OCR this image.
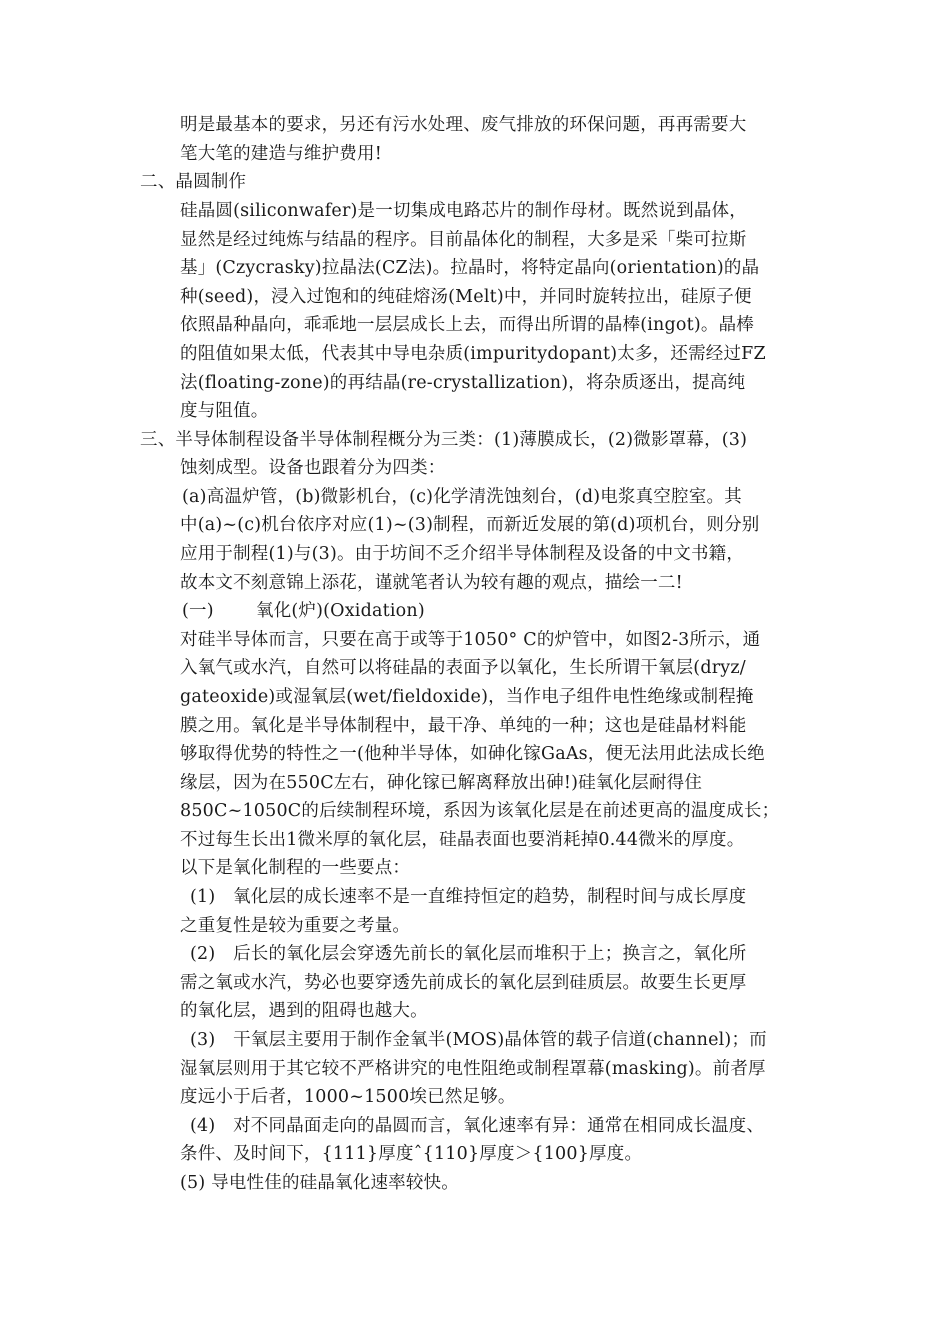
明是最基本的要求，另还有污水处理、废气排放的环保问题，再再需要大
笔大笔的建造与维护费用!
二、晶圆制作
硅晶圆(siliconwafer)是一切集成电路芯片的制作母材。既然说到晶体，
显然是经过纯炼与结晶的程序。目前晶体化的制程，大多是采「柴可拉斯
基」(Czycrasky)拉晶法(CZ法)。拉晶时，将特定晶向(orientation)的晶
种(seed)，浸入过饱和的纯硅熔汤(Melt)中，并同时旋转拉出，硅原子便
依照晶种晶向，乖乖地一层层成长上去，而得出所谓的晶棒(ingot)。晶棒
的阻值如果太低，代表其中导电杂质(impuritydopant)太多，还需经过FZ
法(floating-zone)的再结晶(re-crystallization)，将杂质逐出，提高纯
度与阻值。
三、半导体制程设备半导体制程概分为三类：(1)薄膜成长，(2)微影罩幕，(3)
蚀刻成型。设备也跟着分为四类：
(a)高温炉管，(b)微影机台，(c)化学清洗蚀刻台，(d)电浆真空腔室。其
中(a)~(c)机台依序对应(1)~(3)制程，而新近发展的第(d)项机台，则分别
应用于制程(1)与(3)。由于坊间不乏介绍半导体制程及设备的中文书籍，
故本文不刻意锦上添花，谨就笔者认为较有趣的观点，描绘一二!
(一) 氧化(炉)(Oxidation)
对硅半导体而言，只要在高于或等于1050° C的炉管中，如图2-3所示，通
入氧气或水汽，自然可以将硅晶的表面予以氧化，生长所谓干氧层(dryz/
gateoxide)或湿氧层(wet/fieldoxide)，当作电子组件电性绝缘或制程掩
膜之用。氧化是半导体制程中，最干净、单纯的一种；这也是硅晶材料能
够取得优势的特性之一(他种半导体，如砷化镓GaAs，便无法用此法成长绝
缘层，因为在550C左右，砷化镓已解离释放出砷!)硅氧化层耐得住
850C~1050C的后续制程环境，系因为该氧化层是在前述更高的温度成长；
不过每生长出1微米厚的氧化层，硅晶表面也要消耗掉0.44微米的厚度。
以下是氧化制程的一些要点：
(1)　氧化层的成长速率不是一直维持恒定的趋势，制程时间与成长厚度
之重复性是较为重要之考量。
(2)　后长的氧化层会穿透先前长的氧化层而堆积于上；换言之，氧化所
需之氧或水汽，势必也要穿透先前成长的氧化层到硅质层。故要生长更厚
的氧化层，遇到的阻碍也越大。
(3)　干氧层主要用于制作金氧半(MOS)晶体管的载子信道(channel)；而
湿氧层则用于其它较不严格讲究的电性阻绝或制程罩幕(masking)。前者厚
度远小于后者，1000~1500埃已然足够。
(4)　对不同晶面走向的晶圆而言，氧化速率有异：通常在相同成长温度、
条件、及时间下，{111}厚度ˆ{110}厚度＞{100}厚度。
(5) 导电性佳的硅晶氧化速率较快。
